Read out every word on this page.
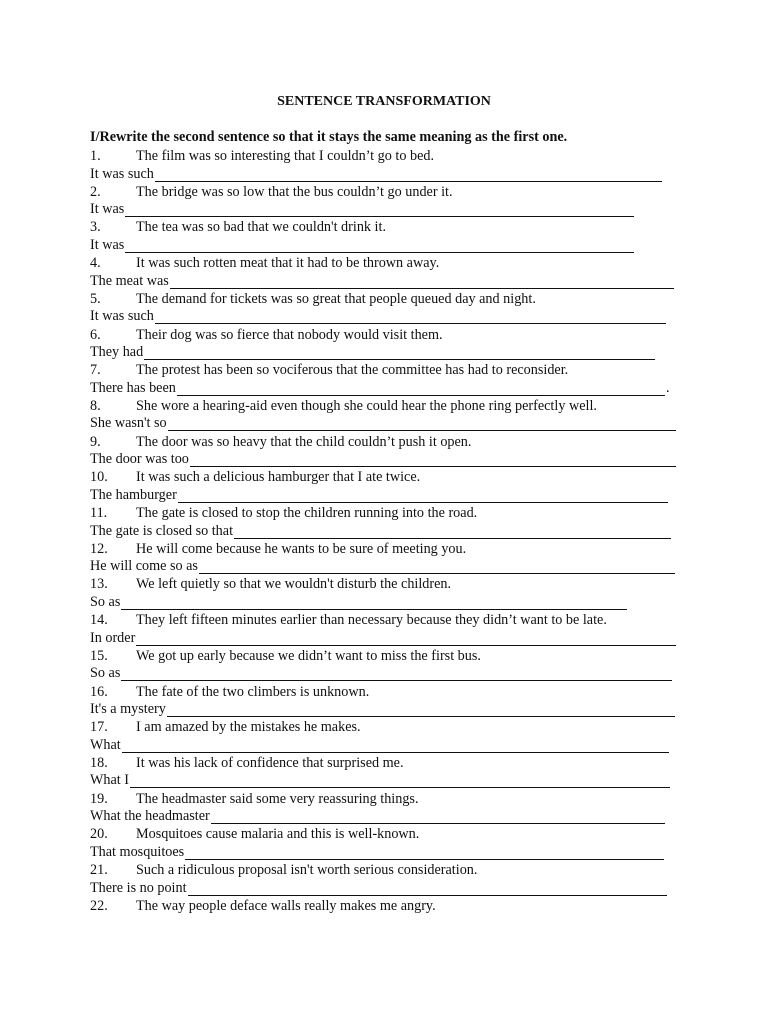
SENTENCE TRANSFORMATION
I/Rewrite the second sentence so that it stays the same meaning as the first one.
1. The film was so interesting that I couldn’t go to bed.
It was such
2. The bridge was so low that the bus couldn’t go under it.
It was
3. The tea was so bad that we couldn't drink it.
It was
4. It was such rotten meat that it had to be thrown away.
The meat was
5. The demand for tickets was so great that people queued day and night.
It was such
6. Their dog was so fierce that nobody would visit them.
They had
7. The protest has been so vociferous that the committee has had to reconsider.
There has been	.
8. She wore a hearing-aid even though she could hear the phone ring perfectly well.
She wasn't so
9. The door was so heavy that the child couldn’t push it open.
The door was too
10. It was such a delicious hamburger that I ate twice.
The hamburger
11. The gate is closed to stop the children running into the road.
The gate is closed so that
12. He will come because he wants to be sure of meeting you.
He will come so as
13. We left quietly so that we wouldn't disturb the children.
So as
14. They left fifteen minutes earlier than necessary because they didn’t want to be late.
In order
15. We got up early because we didn’t want to miss the first bus.
So as
16. The fate of the two climbers is unknown.
It's a mystery
17. I am amazed by the mistakes he makes.
What
18. It was his lack of confidence that surprised me.
What I
19. The headmaster said some very reassuring things.
What the headmaster
20. Mosquitoes cause malaria and this is well-known.
That mosquitoes
21. Such a ridiculous proposal isn't worth serious consideration.
There is no point
22. The way people deface walls really makes me angry.
